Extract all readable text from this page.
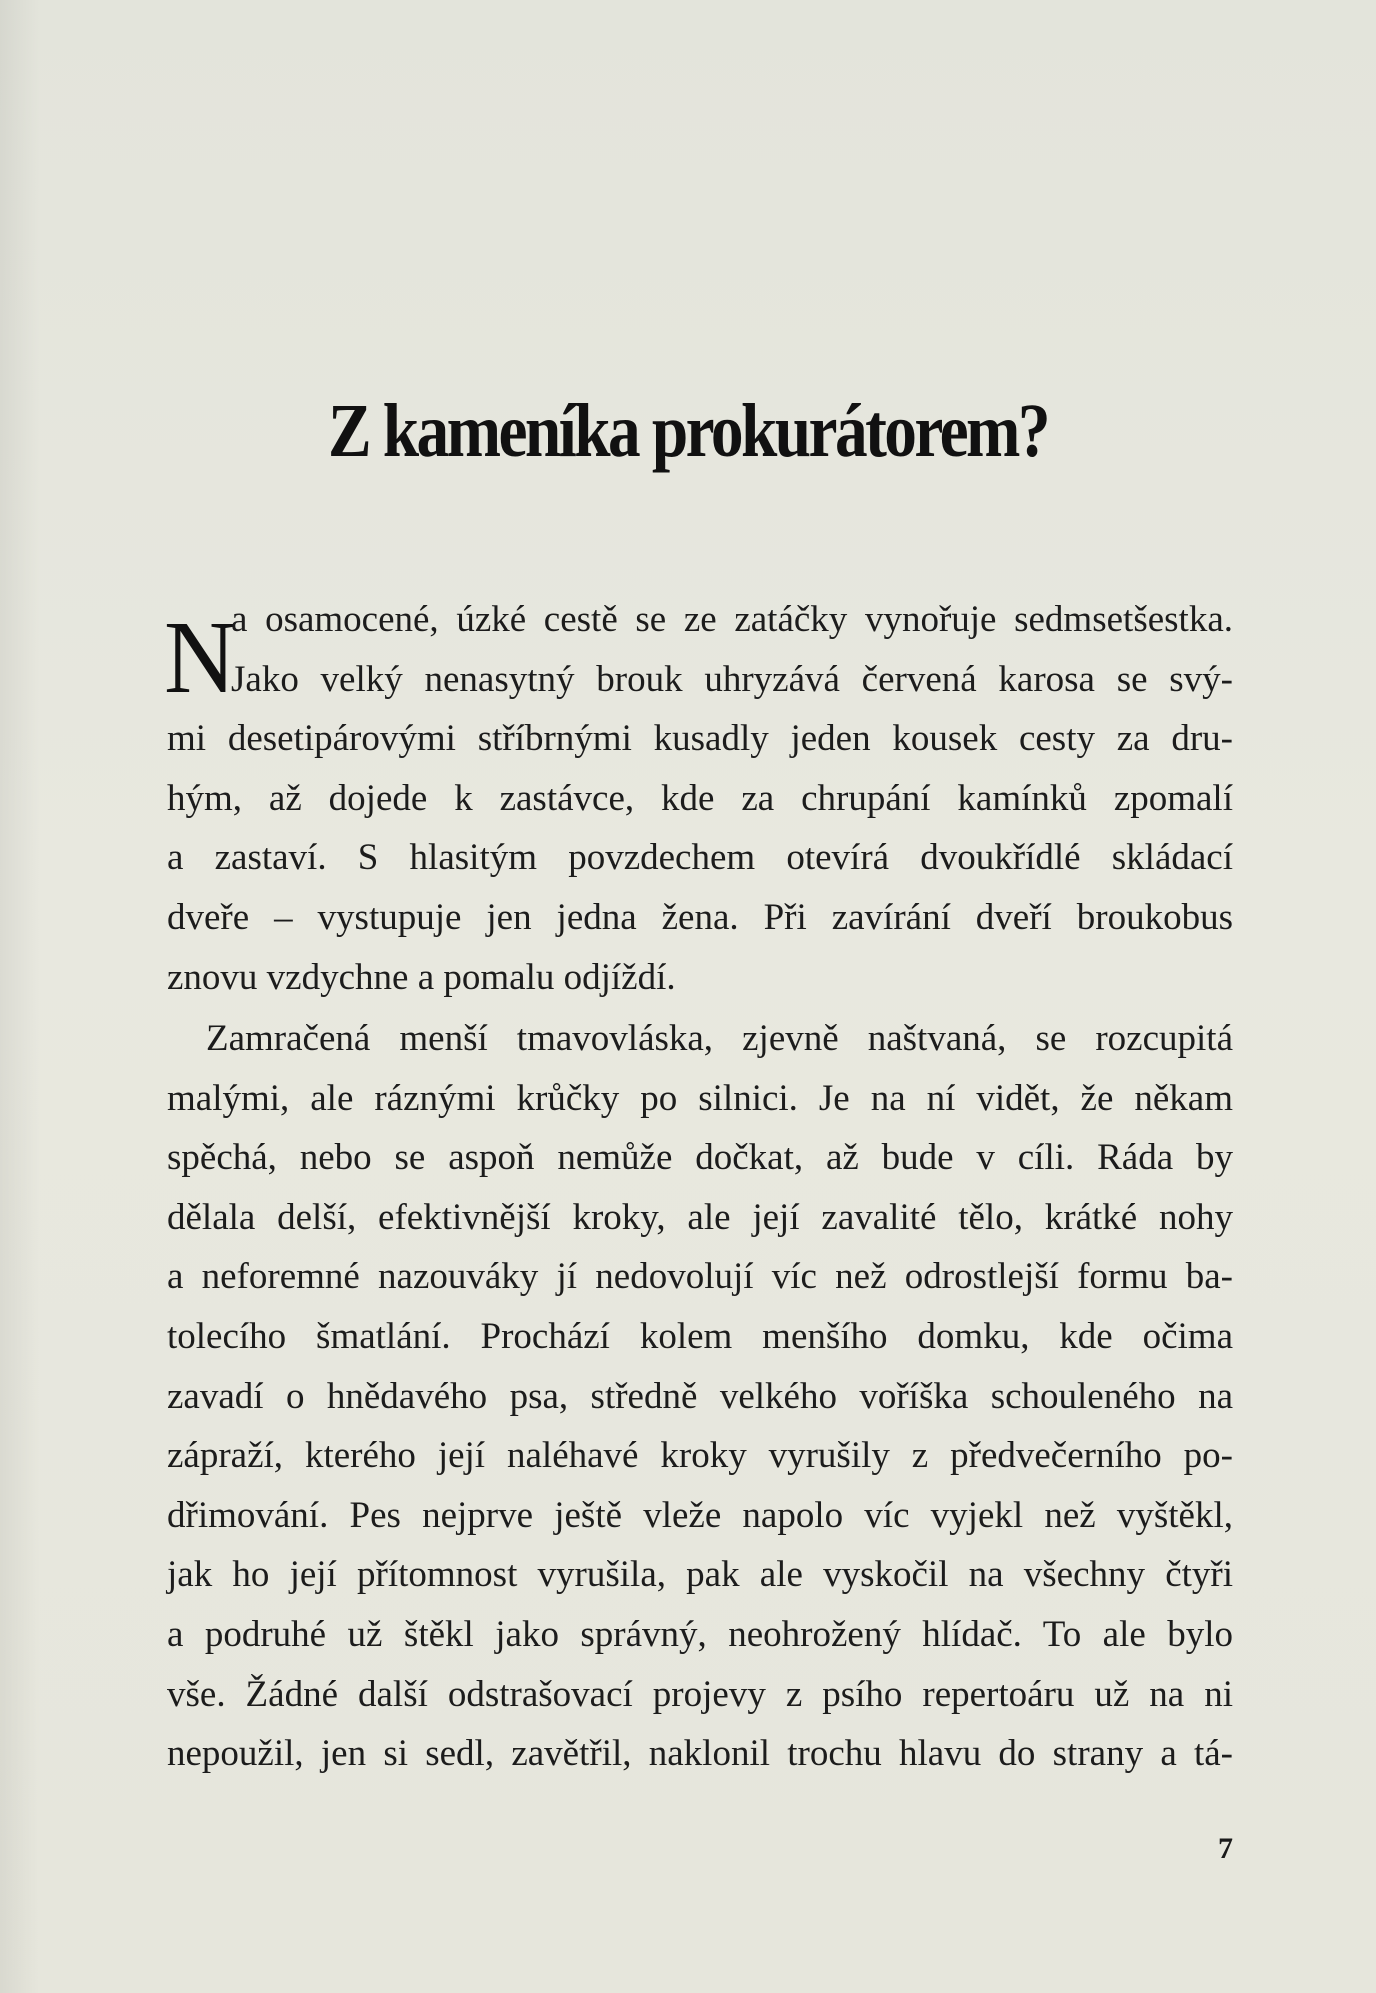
Z kameníka prokurátorem?
N
a osamocené, úzké cestě se ze zatáčky vynořuje sedmsetšestka.
Jako velký nenasytný brouk uhryzává červená karosa se svý-
mi desetipárovými stříbrnými kusadly jeden kousek cesty za dru-
hým, až dojede k zastávce, kde za chrupání kamínků zpomalí
a zastaví. S hlasitým povzdechem otevírá dvoukřídlé skládací
dveře – vystupuje jen jedna žena. Při zavírání dveří broukobus
znovu vzdychne a pomalu odjíždí.
Zamračená menší tmavovláska, zjevně naštvaná, se rozcupitá
malými, ale ráznými krůčky po silnici. Je na ní vidět, že někam
spěchá, nebo se aspoň nemůže dočkat, až bude v cíli. Ráda by
dělala delší, efektivnější kroky, ale její zavalité tělo, krátké nohy
a neforemné nazouváky jí nedovolují víc než odrostlejší formu ba-
tolecího šmatlání. Prochází kolem menšího domku, kde očima
zavadí o hnědavého psa, středně velkého voříška schouleného na
zápraží, kterého její naléhavé kroky vyrušily z předvečerního po-
dřimování. Pes nejprve ještě vleže napolo víc vyjekl než vyštěkl,
jak ho její přítomnost vyrušila, pak ale vyskočil na všechny čtyři
a podruhé už štěkl jako správný, neohrožený hlídač. To ale bylo
vše. Žádné další odstrašovací projevy z psího repertoáru už na ni
nepoužil, jen si sedl, zavětřil, naklonil trochu hlavu do strany a tá-
7
